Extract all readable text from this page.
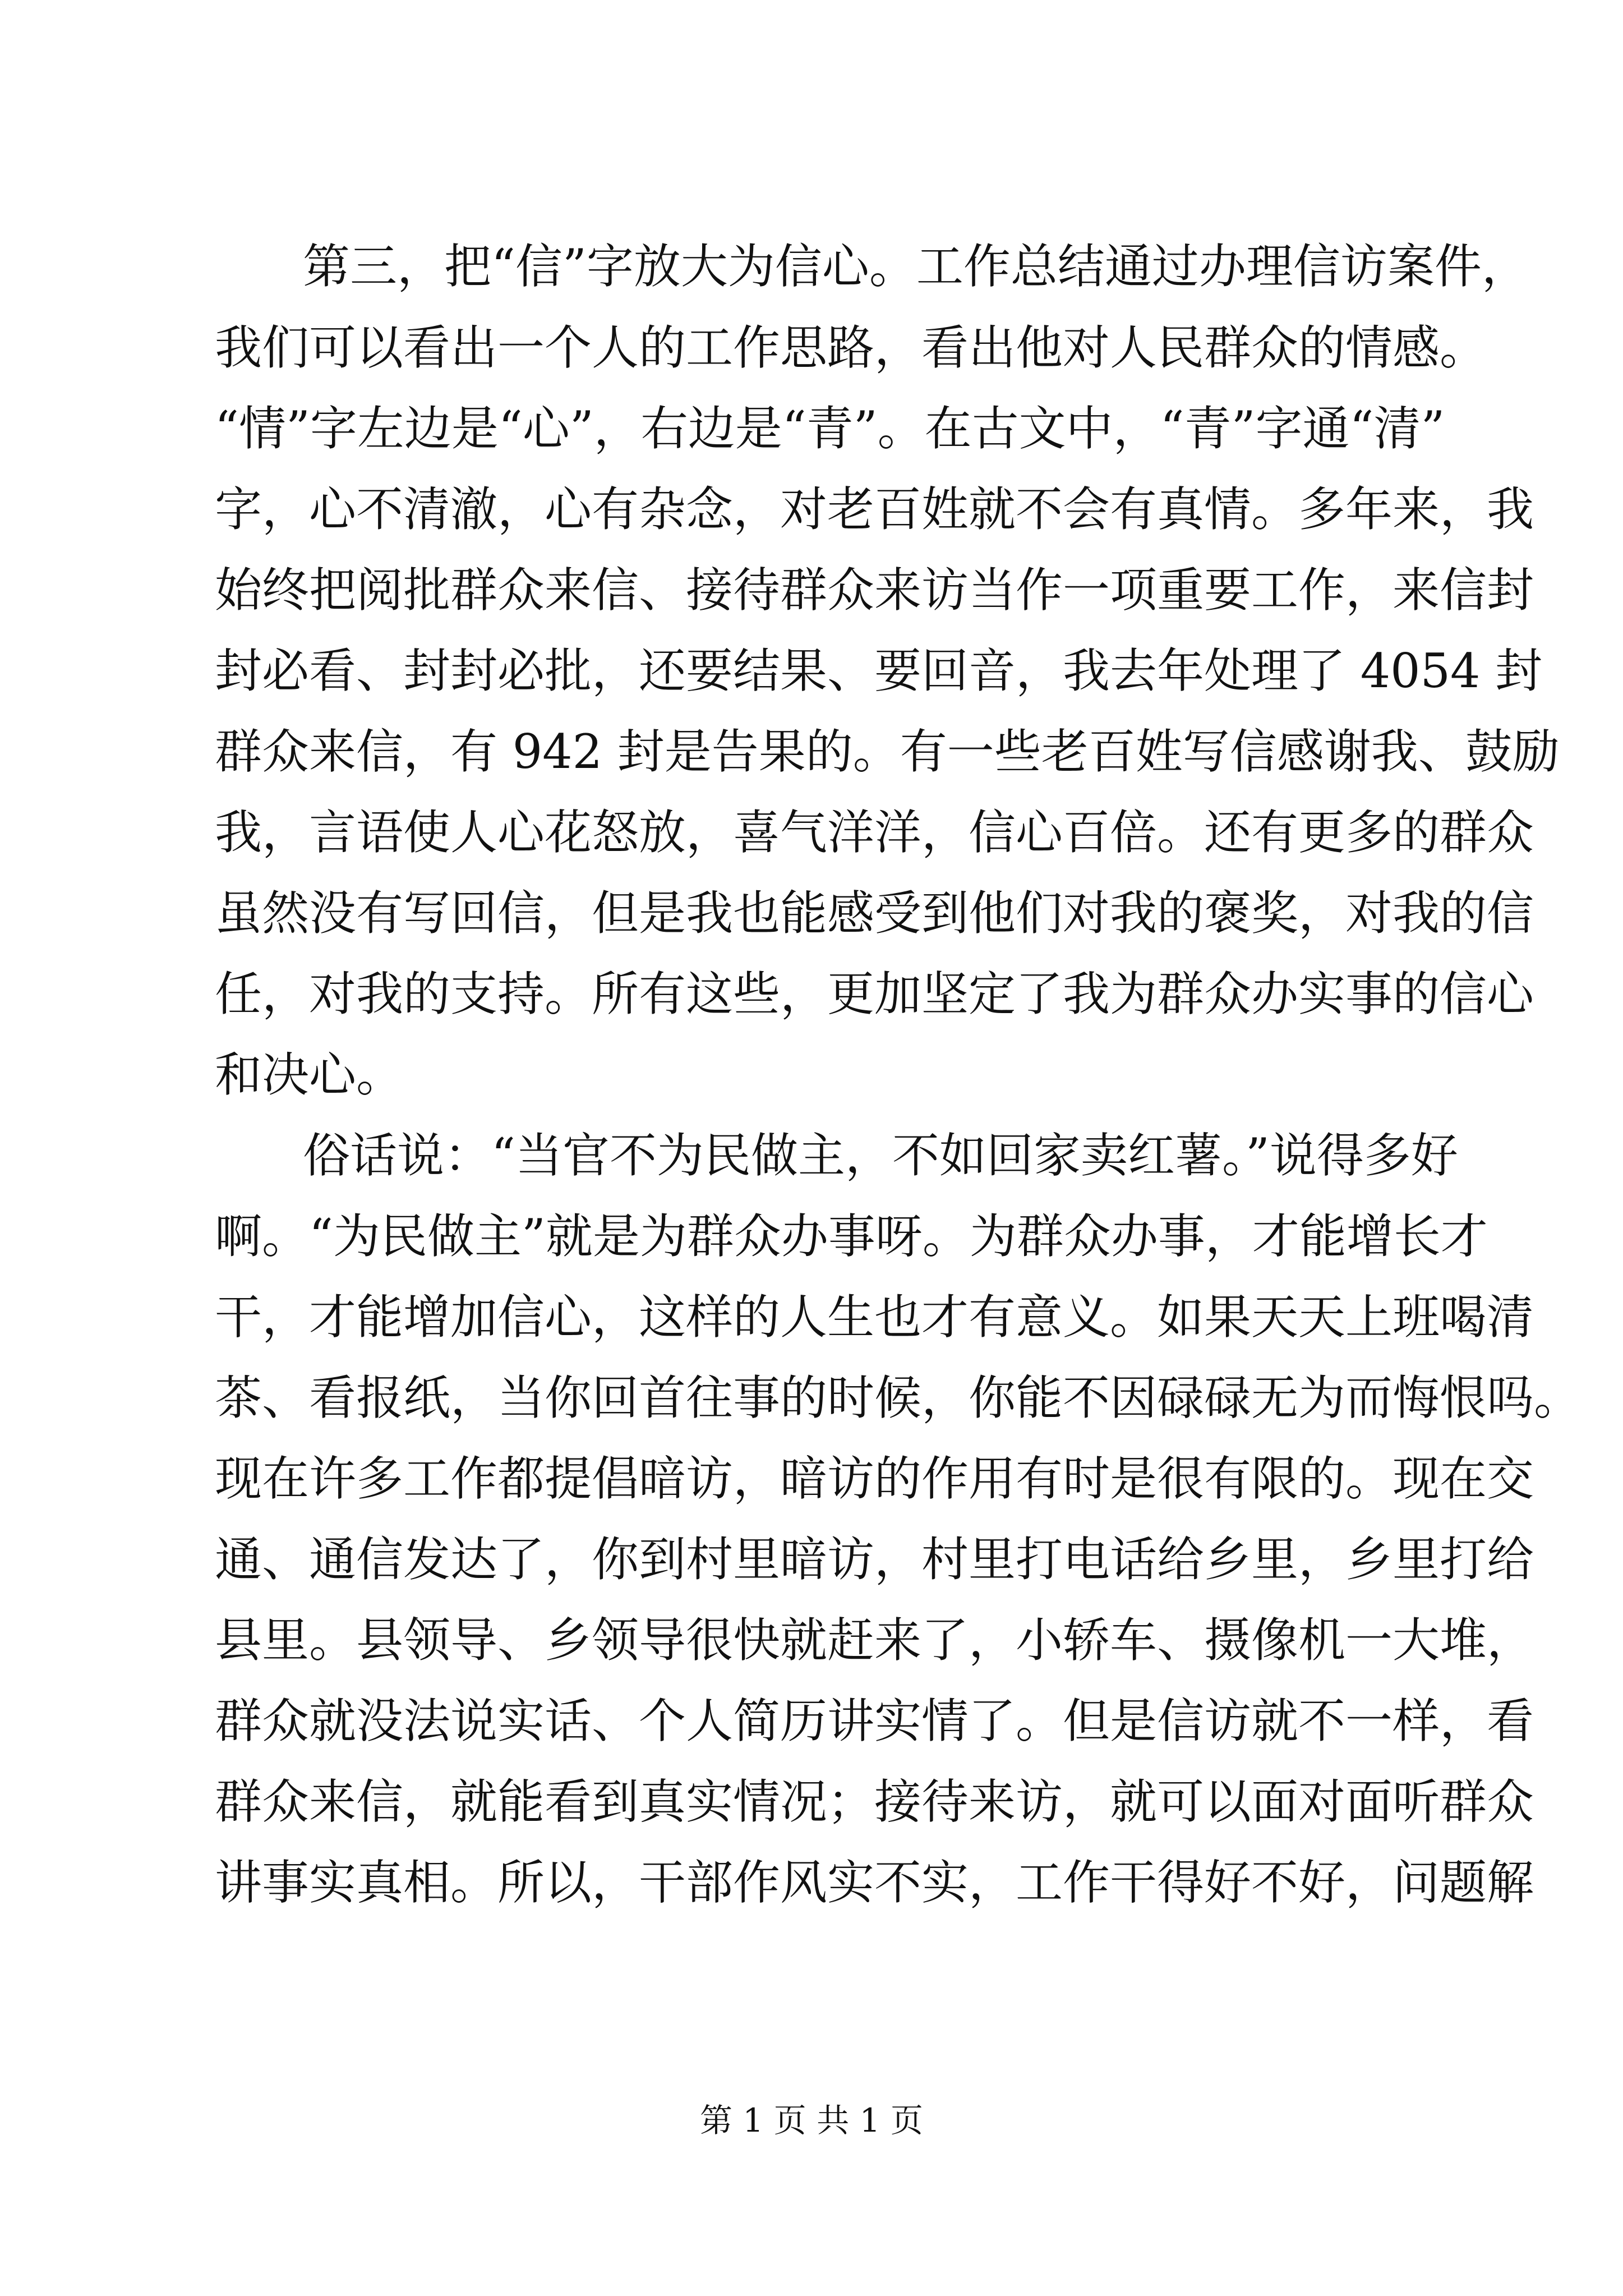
第三，把“信”字放大为信心。工作总结通过办理信访案件，

我们可以看出一个人的工作思路，看出他对人民群众的情感。

“情”字左边是“心”，右边是“青”。在古文中，“青”字通“清”

字，心不清澈，心有杂念，对老百姓就不会有真情。多年来，我

始终把阅批群众来信、接待群众来访当作一项重要工作，来信封

封必看、封封必批，还要结果、要回音，我去年处理了 4054 封

群众来信，有 942 封是告果的。有一些老百姓写信感谢我、鼓励

我，言语使人心花怒放，喜气洋洋，信心百倍。还有更多的群众

虽然没有写回信，但是我也能感受到他们对我的褒奖，对我的信

任，对我的支持。所有这些，更加坚定了我为群众办实事的信心

和决心。

俗话说：“当官不为民做主，不如回家卖红薯。”说得多好

啊。“为民做主”就是为群众办事呀。为群众办事，才能增长才

干，才能增加信心，这样的人生也才有意义。如果天天上班喝清

茶、看报纸，当你回首往事的时候，你能不因碌碌无为而悔恨吗。

现在许多工作都提倡暗访，暗访的作用有时是很有限的。现在交

通、通信发达了，你到村里暗访，村里打电话给乡里，乡里打给

县里。县领导、乡领导很快就赶来了，小轿车、摄像机一大堆，

群众就没法说实话、个人简历讲实情了。但是信访就不一样，看

群众来信，就能看到真实情况；接待来访，就可以面对面听群众

讲事实真相。所以，干部作风实不实，工作干得好不好，问题解

第 1 页 共 1 页
